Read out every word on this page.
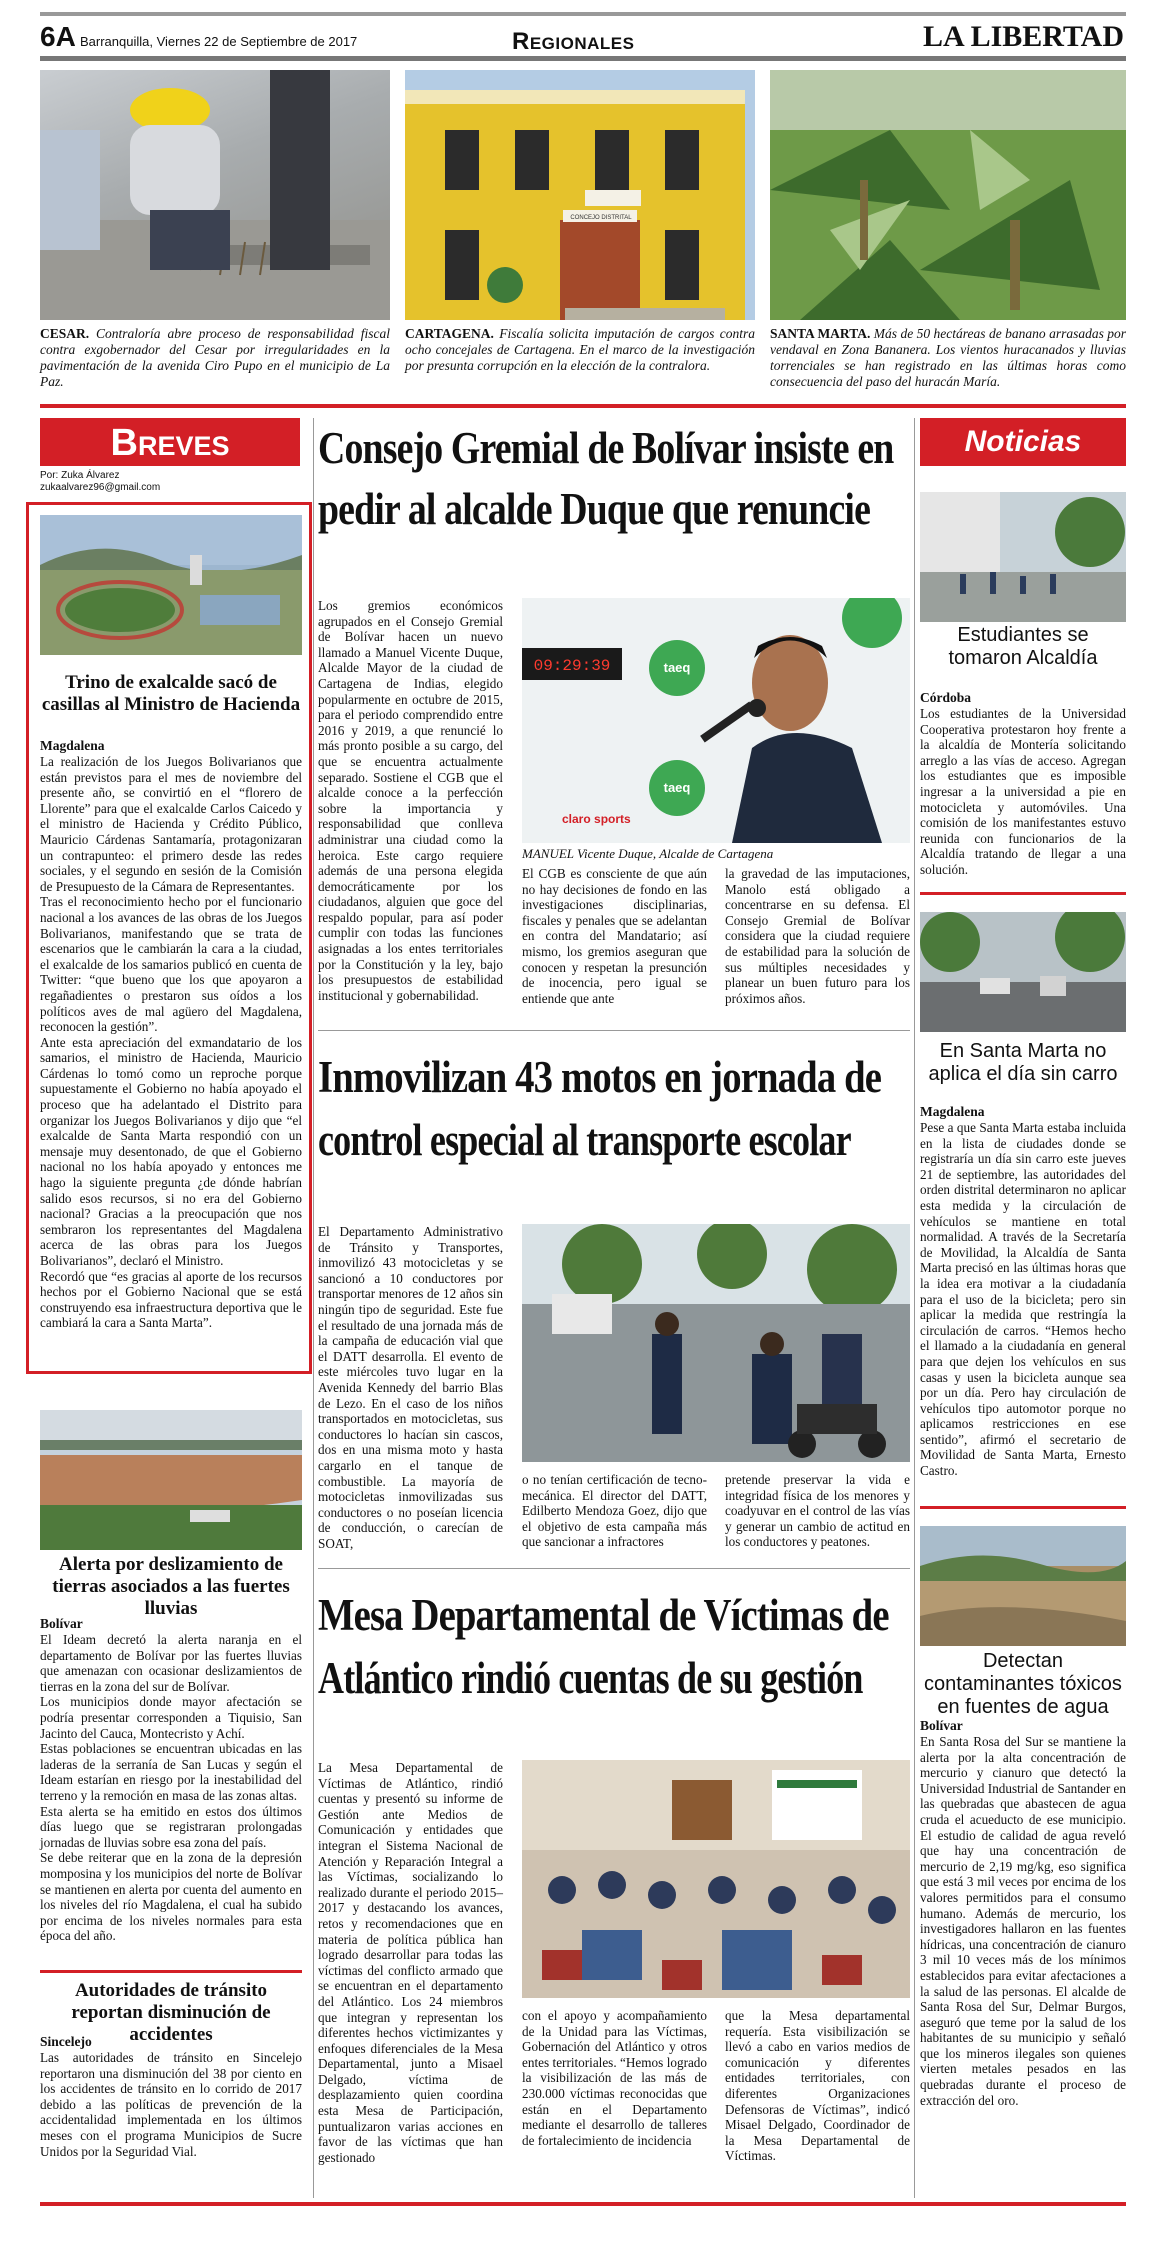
6A Barranquilla, Viernes 22 de Septiembre de 2017	Regionales	LA LIBERTAD
CONCEJO DISTRITAL
CESAR. Contraloría abre proceso de responsabilidad fiscal contra exgobernador del Cesar por irregularidades en la pavimentación de la avenida Ciro Pupo en el municipio de La Paz.
CARTAGENA. Fiscalía solicita imputación de cargos contra ocho concejales de Cartagena. En el marco de la investigación por presunta corrupción en la elección de la contralora.
SANTA MARTA. Más de 50 hectáreas de banano arrasadas por vendaval en Zona Bananera. Los vientos huracanados y lluvias torrenciales se han registrado en las últimas horas como consecuencia del paso del huracán María.
Breves
Por: Zuka Álvarez
zukaalvarez96@gmail.com
Trino de exalcalde sacó de casillas al Ministro de Hacienda
Magdalena

La realización de los Juegos Bolivarianos que están previstos para el mes de noviembre del presente año, se convirtió en el “florero de Llorente” para que el exalcalde Carlos Caicedo y el ministro de Hacienda y Crédito Público, Mauricio Cárdenas Santamaría, protagonizaran un contrapunteo: el primero desde las redes sociales, y el segundo en sesión de la Comisión de Presupuesto de la Cámara de Representantes.

Tras el reconocimiento hecho por el funcionario nacional a los avances de las obras de los Juegos Bolivarianos, manifestando que se trata de escenarios que le cambiarán la cara a la ciudad, el exalcalde de los samarios publicó en cuenta de Twitter: “que bueno que los que apoyaron a regañadientes o prestaron sus oídos a los políticos aves de mal agüero del Magdalena, reconocen la gestión”.

Ante esta apreciación del exmandatario de los samarios, el ministro de Hacienda, Mauricio Cárdenas lo tomó como un reproche porque supuestamente el Gobierno no había apoyado el proceso que ha adelantado el Distrito para organizar los Juegos Bolivarianos y dijo que “el exalcalde de Santa Marta respondió con un mensaje muy desentonado, de que el Gobierno nacional no los había apoyado y entonces me hago la siguiente pregunta ¿de dónde habrían salido esos recursos, si no era del Gobierno nacional? Gracias a la preocupación que nos sembraron los representantes del Magdalena acerca de las obras para los Juegos Bolivarianos”, declaró el Ministro.

Recordó que “es gracias al aporte de los recursos hechos por el Gobierno Nacional que se está construyendo esa infraestructura deportiva que le cambiará la cara a Santa Marta”.

Alerta por deslizamiento de tierras asociados a las fuertes lluvias
Bolívar

El Ideam decretó la alerta naranja en el departamento de Bolívar por las fuertes lluvias que amenazan con ocasionar deslizamientos de tierras en la zona del sur de Bolívar.

Los municipios donde mayor afectación se podría presentar corresponden a Tiquisio, San Jacinto del Cauca, Montecristo y Achí.

Estas poblaciones se encuentran ubicadas en las laderas de la serranía de San Lucas y según el Ideam estarían en riesgo por la inestabilidad del terreno y la remoción en masa de las zonas altas.

Esta alerta se ha emitido en estos dos últimos días luego que se registraran prolongadas jornadas de lluvias sobre esa zona del país.

Se debe reiterar que en la zona de la depresión momposina y los municipios del norte de Bolívar se mantienen en alerta por cuenta del aumento en los niveles del río Magdalena, el cual ha subido por encima de los niveles normales para esta época del año.

Autoridades de tránsito reportan disminución de accidentes
Sincelejo

Las autoridades de tránsito en Sincelejo reportaron una disminución del 38 por ciento en los accidentes de tránsito en lo corrido de 2017 debido a las políticas de prevención de la accidentalidad implementada en los últimos meses con el programa Municipios de Sucre Unidos por la Seguridad Vial.

Consejo Gremial de Bolívar insiste en
pedir al alcalde Duque que renuncie
Los gremios económicos agrupados en el Consejo Gremial de Bolívar hacen un nuevo llamado a Manuel Vicente Duque, Alcalde Mayor de la ciudad de Cartagena de Indias, elegido popularmente en octubre de 2015, para el periodo comprendido entre 2016 y 2019, a que renuncié lo más pronto posible a su cargo, del que se encuentra actualmente separado. Sostiene el CGB que el alcalde conoce a la perfección sobre la importancia y responsabilidad que conlleva administrar una ciudad como la heroica. Este cargo requiere además de una persona elegida democráticamente por los ciudadanos, alguien que goce del respaldo popular, para así poder cumplir con todas las funciones asignadas a los entes territoriales por la Constitución y la ley, bajo los presupuestos de estabilidad institucional y gobernabilidad.
taeq
taeq
claro sports
09:29:39
MANUEL Vicente Duque, Alcalde de Cartagena
El CGB es consciente de que aún no hay decisiones de fondo en las investigaciones disciplinarias, fiscales y penales que se adelantan en contra del Mandatario; así mismo, los gremios aseguran que conocen y respetan la presunción de inocencia, pero igual se entiende que ante
la gravedad de las imputaciones, Manolo está obligado a concentrarse en su defensa. El Consejo Gremial de Bolívar considera que la ciudad requiere de estabilidad para la solución de sus múltiples necesidades y planear un buen futuro para los próximos años.
Inmovilizan 43 motos en jornada de
control especial al transporte escolar
El Departamento Administrativo de Tránsito y Transportes, inmovilizó 43 motocicletas y se sancionó a 10 conductores por transportar menores de 12 años sin ningún tipo de seguridad. Este fue el resultado de una jornada más de la campaña de educación vial que el DATT desarrolla. El evento de este miércoles tuvo lugar en la Avenida Kennedy del barrio Blas de Lezo. En el caso de los niños transportados en motocicletas, sus conductores lo hacían sin cascos, dos en una misma moto y hasta cargarlo en el tanque de combustible. La mayoría de motocicletas inmovilizadas sus conductores o no poseían licencia de conducción, o carecían de SOAT,
o no tenían certificación de tecno-mecánica. El director del DATT, Edilberto Mendoza Goez, dijo que el objetivo de esta campaña más que sancionar a infractores
pretende preservar la vida e integridad física de los menores y coadyuvar en el control de las vías y generar un cambio de actitud en los conductores y peatones.
Mesa Departamental de Víctimas de
Atlántico rindió cuentas de su gestión
La Mesa Departamental de Víctimas de Atlántico, rindió cuentas y presentó su informe de Gestión ante Medios de Comunicación y entidades que integran el Sistema Nacional de Atención y Reparación Integral a las Víctimas, socializando lo realizado durante el periodo 2015–2017 y destacando los avances, retos y recomendaciones que en materia de política pública han logrado desarrollar para todas las víctimas del conflicto armado que se encuentran en el departamento del Atlántico. Los 24 miembros que integran y representan los diferentes hechos victimizantes y enfoques diferenciales de la Mesa Departamental, junto a Misael Delgado, víctima de desplazamiento quien coordina esta Mesa de Participación, puntualizaron varias acciones en favor de las víctimas que han gestionado
con el apoyo y acompañamiento de la Unidad para las Víctimas, Gobernación del Atlántico y otros entes territoriales. “Hemos logrado la visibilización de las más de 230.000 víctimas reconocidas que están en el Departamento mediante el desarrollo de talleres de fortalecimiento de incidencia
que la Mesa departamental requería. Esta visibilización se llevó a cabo en varios medios de comunicación y diferentes entidades territoriales, con diferentes Organizaciones Defensoras de Víctimas”, indicó Misael Delgado, Coordinador de la Mesa Departamental de Víctimas.
Noticias
Estudiantes se tomaron Alcaldía
Córdoba
Los estudiantes de la Universidad Cooperativa protestaron hoy frente a la alcaldía de Montería solicitando arreglo a las vías de acceso. Agregan los estudiantes que es imposible ingresar a la universidad a pie en motocicleta y automóviles. Una comisión de los manifestantes estuvo reunida con funcionarios de la Alcaldía tratando de llegar a una solución.
En Santa Marta no aplica el día sin carro
Magdalena
Pese a que Santa Marta estaba incluida en la lista de ciudades donde se registraría un día sin carro este jueves 21 de septiembre, las autoridades del orden distrital determinaron no aplicar esta medida y la circulación de vehículos se mantiene en total normalidad. A través de la Secretaría de Movilidad, la Alcaldía de Santa Marta precisó en las últimas horas que la idea era motivar a la ciudadanía para el uso de la bicicleta; pero sin aplicar la medida que restringía la circulación de carros. “Hemos hecho el llamado a la ciudadanía en general para que dejen los vehículos en sus casas y usen la bicicleta aunque sea por un día. Pero hay circulación de vehículos tipo automotor porque no aplicamos restricciones en ese sentido”, afirmó el secretario de Movilidad de Santa Marta, Ernesto Castro.
Detectan contaminantes tóxicos en fuentes de agua
Bolívar
En Santa Rosa del Sur se mantiene la alerta por la alta concentración de mercurio y cianuro que detectó la Universidad Industrial de Santander en las quebradas que abastecen de agua cruda el acueducto de ese municipio. El estudio de calidad de agua reveló que hay una concentración de mercurio de 2,19 mg/kg, eso significa que está 3 mil veces por encima de los valores permitidos para el consumo humano. Además de mercurio, los investigadores hallaron en las fuentes hídricas, una concentración de cianuro 3 mil 10 veces más de los mínimos establecidos para evitar afectaciones a la salud de las personas. El alcalde de Santa Rosa del Sur, Delmar Burgos, aseguró que teme por la salud de los habitantes de su municipio y señaló que los mineros ilegales son quienes vierten metales pesados en las quebradas durante el proceso de extracción del oro.
